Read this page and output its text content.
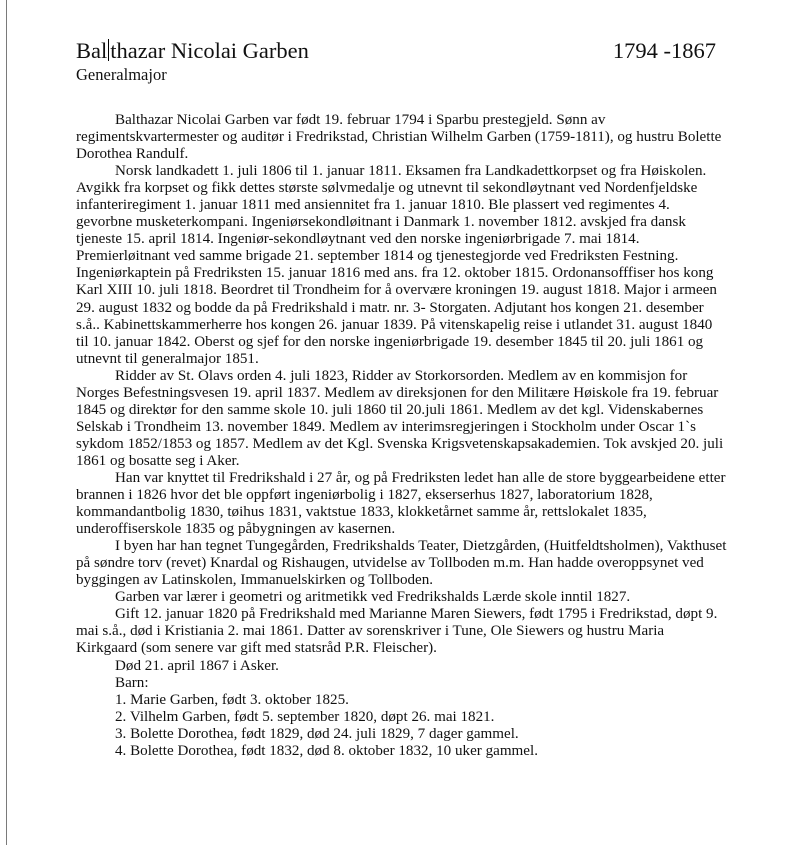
Bal thazar Nicolai Garben	1794 -1867
Generalmajor

Balthazar Nicolai Garben var født 19. februar 1794 i Sparbu prestegjeld. Sønn av regimentskvartermester og auditør i Fredrikstad, Christian Wilhelm Garben (1759-1811), og hustru Bolette Dorothea Randulf.

Norsk landkadett 1. juli 1806 til 1. januar 1811. Eksamen fra Landkadettkorpset og fra Høiskolen. Avgikk fra korpset og fikk dettes største sølvmedalje og utnevnt til sekondløytnant ved Nordenfjeldske infanteriregiment 1. januar 1811 med ansiennitet fra 1. januar 1810. Ble plassert ved regimentes 4. gevorbne musketerkompani. Ingeniørsekondløitnant i Danmark 1. november 1812. avskjed fra dansk tjeneste 15. april 1814. Ingeniør-sekondløytnant ved den norske ingeniørbrigade 7. mai 1814. Premierløitnant ved samme brigade 21. september 1814 og tjenestegjorde ved Fredriksten Festning. Ingeniørkaptein på Fredriksten 15. januar 1816 med ans. fra 12. oktober 1815. Ordonansofffiser hos kong Karl XIII 10. juli 1818. Beordret til Trondheim for å overvære kroningen 19. august 1818. Major i armeen 29. august 1832 og bodde da på Fredrikshald i matr. nr. 3- Storgaten. Adjutant hos kongen 21. desember s.å.. Kabinettskammerherre hos kongen 26. januar 1839. På vitenskapelig reise i utlandet 31. august 1840 til 10. januar 1842. Oberst og sjef for den norske ingeniørbrigade 19. desember 1845 til 20. juli 1861 og utnevnt til generalmajor 1851.

Ridder av St. Olavs orden 4. juli 1823, Ridder av Storkorsorden. Medlem av en kommisjon for Norges Befestningsvesen 19. april 1837. Medlem av direksjonen for den Militære Høiskole fra 19. februar 1845 og direktør for den samme skole 10. juli 1860 til 20.juli 1861. Medlem av det kgl. Videnskabernes Selskab i Trondheim 13. november 1849. Medlem av interimsregjeringen i Stockholm under Oscar 1`s sykdom 1852/1853 og 1857. Medlem av det Kgl. Svenska Krigsvetenskapsakademien. Tok avskjed 20. juli 1861 og bosatte seg i Aker.

Han var knyttet til Fredrikshald i 27 år, og på Fredriksten ledet han alle de store byggearbeidene etter brannen i 1826 hvor det ble oppført ingeniørbolig i 1827, ekserserhus 1827, laboratorium 1828, kommandantbolig 1830, tøihus 1831, vaktstue 1833, klokketårnet samme år, rettslokalet 1835, underoffiserskole 1835 og påbygningen av kasernen.

I byen har han tegnet Tungegården, Fredrikshalds Teater, Dietzgården, (Huitfeldtsholmen), Vakthuset på søndre torv (revet) Knardal og Rishaugen, utvidelse av Tollboden m.m. Han hadde overoppsynet ved byggingen av Latinskolen, Immanuelskirken og Tollboden.

Garben var lærer i geometri og aritmetikk ved Fredrikshalds Lærde skole inntil 1827.

Gift 12. januar 1820 på Fredrikshald med Marianne Maren Siewers, født 1795 i Fredrikstad, døpt 9. mai s.å., død i Kristiania 2. mai 1861. Datter av sorenskriver i Tune, Ole Siewers og hustru Maria Kirkgaard (som senere var gift med statsråd P.R. Fleischer).

Død 21. april 1867 i Asker.

Barn:

1. Marie Garben, født 3. oktober 1825.

2. Vilhelm Garben, født 5. september 1820, døpt 26. mai 1821.

3. Bolette Dorothea, født 1829, død 24. juli 1829, 7 dager gammel.

4. Bolette Dorothea, født 1832, død 8. oktober 1832, 10 uker gammel.
